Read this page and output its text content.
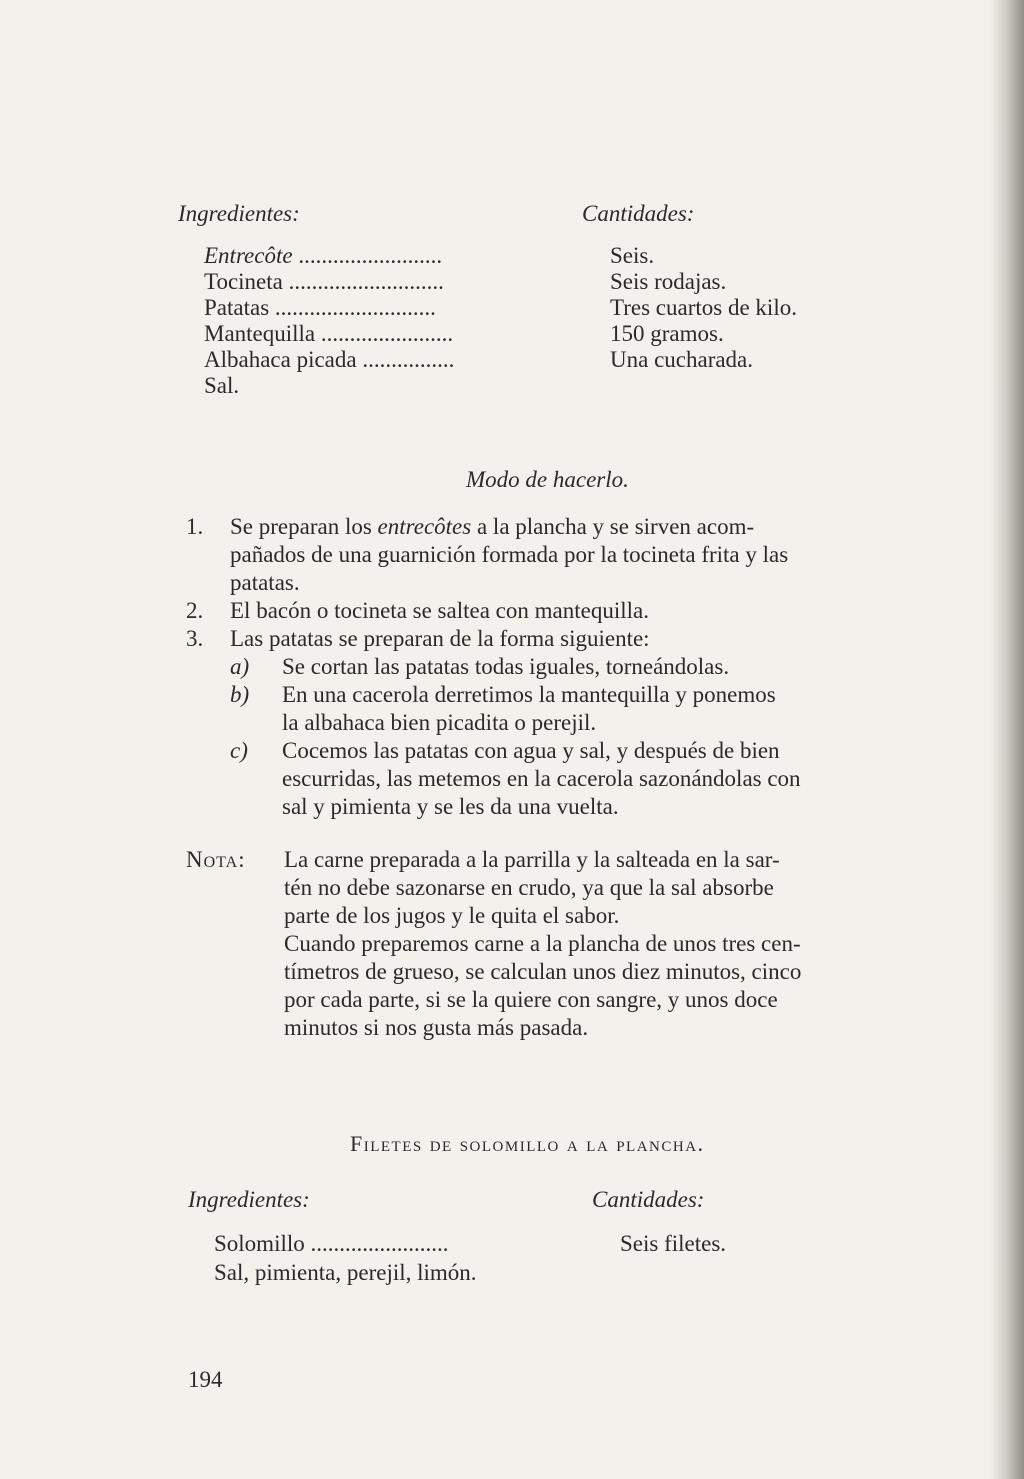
Ingredientes:	Cantidades:
Entrecôte .........................
Tocineta ...........................
Patatas ............................
Mantequilla .......................
Albahaca picada ................
Sal.
Seis.
Seis rodajas.
Tres cuartos de kilo.
150 gramos.
Una cucharada.
Modo de hacerlo.
1. Se preparan los entrecôtes a la plancha y se sirven acom-
pañados de una guarnición formada por la tocineta frita y las
patatas.
2. El bacón o tocineta se saltea con mantequilla.
3. Las patatas se preparan de la forma siguiente:
a) Se cortan las patatas todas iguales, torneándolas.
b) En una cacerola derretimos la mantequilla y ponemos
la albahaca bien picadita o perejil.
c) Cocemos las patatas con agua y sal, y después de bien
escurridas, las metemos en la cacerola sazonándolas con
sal y pimienta y se les da una vuelta.
Nota: La carne preparada a la parrilla y la salteada en la sar-
tén no debe sazonarse en crudo, ya que la sal absorbe
parte de los jugos y le quita el sabor.
Cuando preparemos carne a la plancha de unos tres cen-
tímetros de grueso, se calculan unos diez minutos, cinco
por cada parte, si se la quiere con sangre, y unos doce
minutos si nos gusta más pasada.
Filetes de solomillo a la plancha.
Ingredientes:	Cantidades:
Solomillo ........................
Sal, pimienta, perejil, limón.
Seis filetes.
194
